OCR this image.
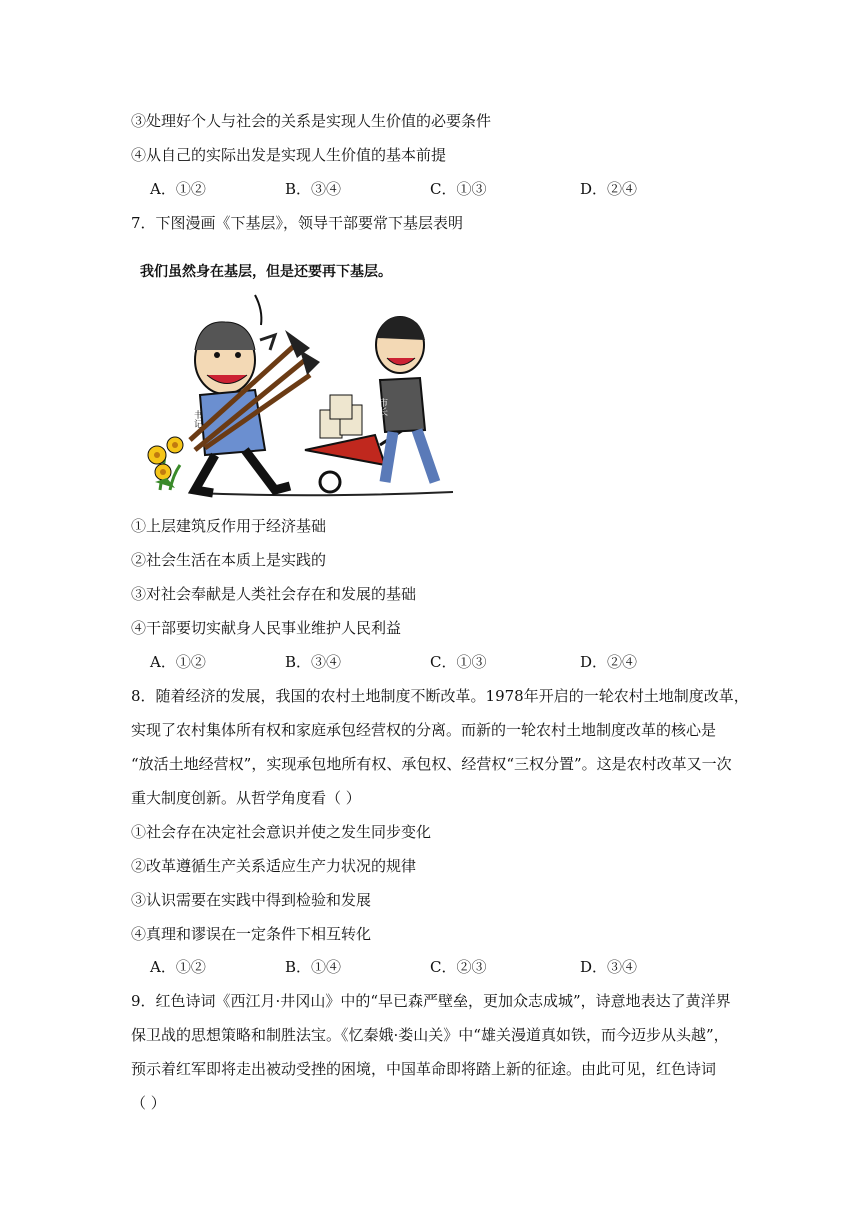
③处理好个人与社会的关系是实现人生价值的必要条件
④从自己的实际出发是实现人生价值的基本前提
A．①②	B．③④	C．①③	D．②④
7．下图漫画《下基层》，领导干部要常下基层表明
我们虽然身在基层，但是还要再下基层。
书记
市长
①上层建筑反作用于经济基础
②社会生活在本质上是实践的
③对社会奉献是人类社会存在和发展的基础
④干部要切实献身人民事业维护人民利益
A．①②	B．③④	C．①③	D．②④
8．随着经济的发展，我国的农村土地制度不断改革。1978年开启的一轮农村土地制度改革，
实现了农村集体所有权和家庭承包经营权的分离。而新的一轮农村土地制度改革的核心是
“放活土地经营权”，实现承包地所有权、承包权、经营权“三权分置”。这是农村改革又一次
重大制度创新。从哲学角度看（ ）
①社会存在决定社会意识并使之发生同步变化
②改革遵循生产关系适应生产力状况的规律
③认识需要在实践中得到检验和发展
④真理和谬误在一定条件下相互转化
A．①②	B．①④	C．②③	D．③④
9．红色诗词《西江月·井冈山》中的“早已森严壁垒，更加众志成城”，诗意地表达了黄洋界
保卫战的思想策略和制胜法宝。《忆秦娥·娄山关》中“雄关漫道真如铁，而今迈步从头越”，
预示着红军即将走出被动受挫的困境，中国革命即将踏上新的征途。由此可见，红色诗词
（ ）
